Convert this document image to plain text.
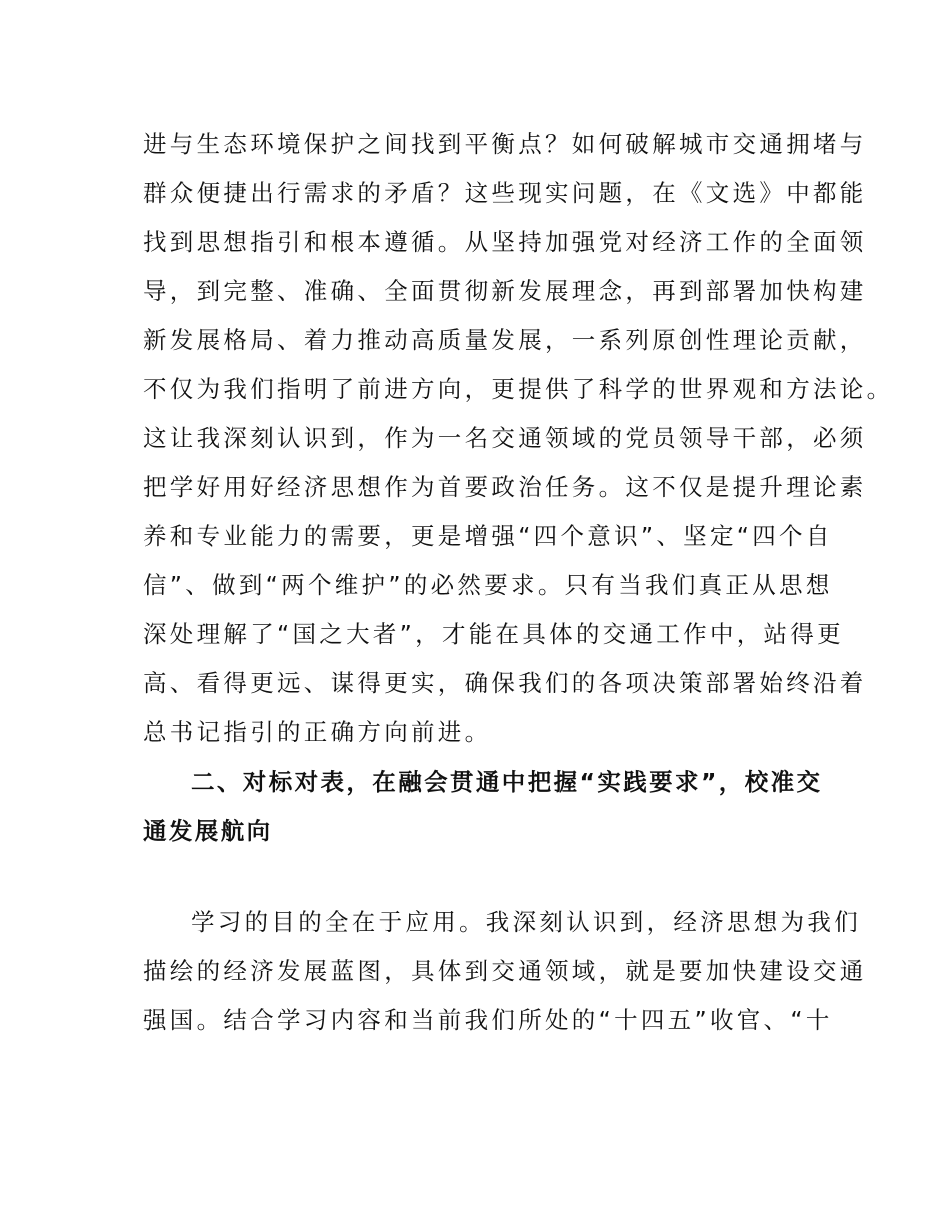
进与生态环境保护之间找到平衡点？如何破解城市交通拥堵与
群众便捷出行需求的矛盾？这些现实问题，在《文选》中都能
找到思想指引和根本遵循。从坚持加强党对经济工作的全面领
导，到完整、准确、全面贯彻新发展理念，再到部署加快构建
新发展格局、着力推动高质量发展，一系列原创性理论贡献，
不仅为我们指明了前进方向，更提供了科学的世界观和方法论。
这让我深刻认识到，作为一名交通领域的党员领导干部，必须
把学好用好经济思想作为首要政治任务。这不仅是提升理论素
养和专业能力的需要，更是增强“四个意识”、坚定“四个自
信”、做到“两个维护”的必然要求。只有当我们真正从思想
深处理解了“国之大者”，才能在具体的交通工作中，站得更
高、看得更远、谋得更实，确保我们的各项决策部署始终沿着
总书记指引的正确方向前进。
二、对标对表，在融会贯通中把握“实践要求”，校准交
通发展航向
学习的目的全在于应用。我深刻认识到，经济思想为我们
描绘的经济发展蓝图，具体到交通领域，就是要加快建设交通
强国。结合学习内容和当前我们所处的“十四五”收官、“十
